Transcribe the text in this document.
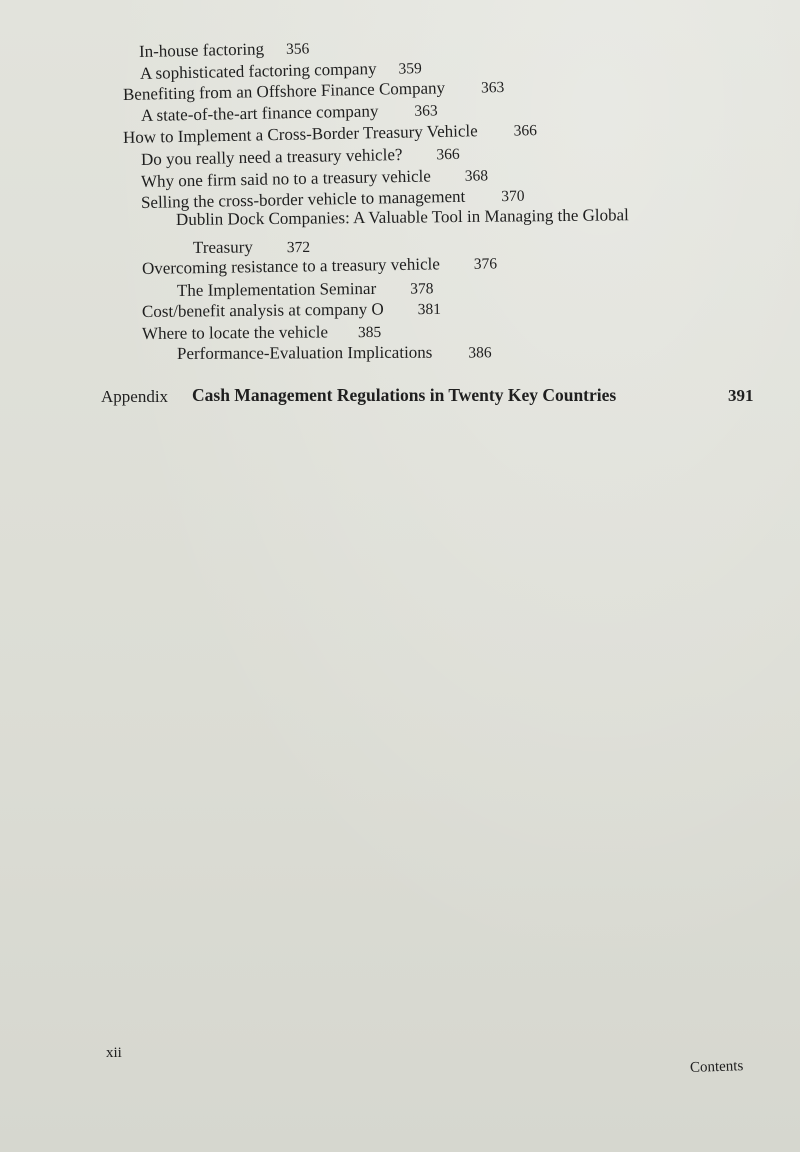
In-house factoring 356
A sophisticated factoring company 359
Benefiting from an Offshore Finance Company 363
A state-of-the-art finance company 363
How to Implement a Cross-Border Treasury Vehicle 366
Do you really need a treasury vehicle? 366
Why one firm said no to a treasury vehicle 368
Selling the cross-border vehicle to management 370
Dublin Dock Companies: A Valuable Tool in Managing the Global
Treasury 372
Overcoming resistance to a treasury vehicle 376
The Implementation Seminar 378
Cost/benefit analysis at company O 381
Where to locate the vehicle 385
Performance-Evaluation Implications 386
Appendix Cash Management Regulations in Twenty Key Countries	391
xii
Contents
